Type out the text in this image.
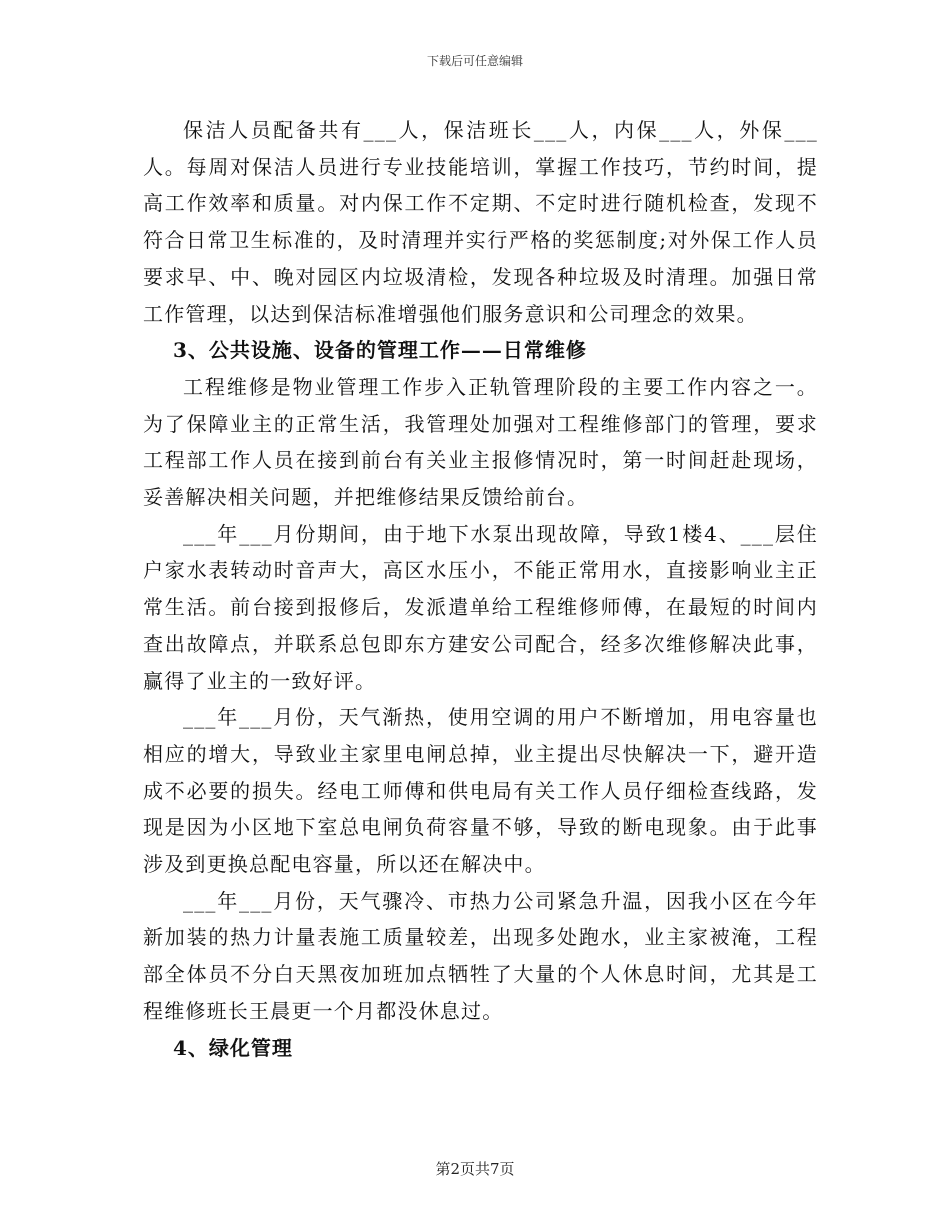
下载后可任意编辑

保洁人员配备共有___人，保洁班长___人，内保___人，外保___人。每周对保洁人员进行专业技能培训，掌握工作技巧，节约时间，提高工作效率和质量。对内保工作不定期、不定时进行随机检查，发现不符合日常卫生标准的，及时清理并实行严格的奖惩制度;对外保工作人员要求早、中、晚对园区内垃圾清检，发现各种垃圾及时清理。加强日常工作管理，以达到保洁标准增强他们服务意识和公司理念的效果。

3、公共设施、设备的管理工作——日常维修

工程维修是物业管理工作步入正轨管理阶段的主要工作内容之一。为了保障业主的正常生活，我管理处加强对工程维修部门的管理，要求工程部工作人员在接到前台有关业主报修情况时，第一时间赶赴现场，妥善解决相关问题，并把维修结果反馈给前台。

___年___月份期间，由于地下水泵出现故障，导致1楼4、___层住户家水表转动时音声大，高区水压小，不能正常用水，直接影响业主正常生活。前台接到报修后，发派遣单给工程维修师傅，在最短的时间内查出故障点，并联系总包即东方建安公司配合，经多次维修解决此事，赢得了业主的一致好评。

___年___月份，天气渐热，使用空调的用户不断增加，用电容量也相应的增大，导致业主家里电闸总掉，业主提出尽快解决一下，避开造成不必要的损失。经电工师傅和供电局有关工作人员仔细检查线路，发现是因为小区地下室总电闸负荷容量不够，导致的断电现象。由于此事涉及到更换总配电容量，所以还在解决中。

___年___月份，天气骤冷、市热力公司紧急升温，因我小区在今年新加装的热力计量表施工质量较差，出现多处跑水，业主家被淹，工程部全体员不分白天黑夜加班加点牺牲了大量的个人休息时间，尤其是工程维修班长王晨更一个月都没休息过。

4、绿化管理

第2页共7页
